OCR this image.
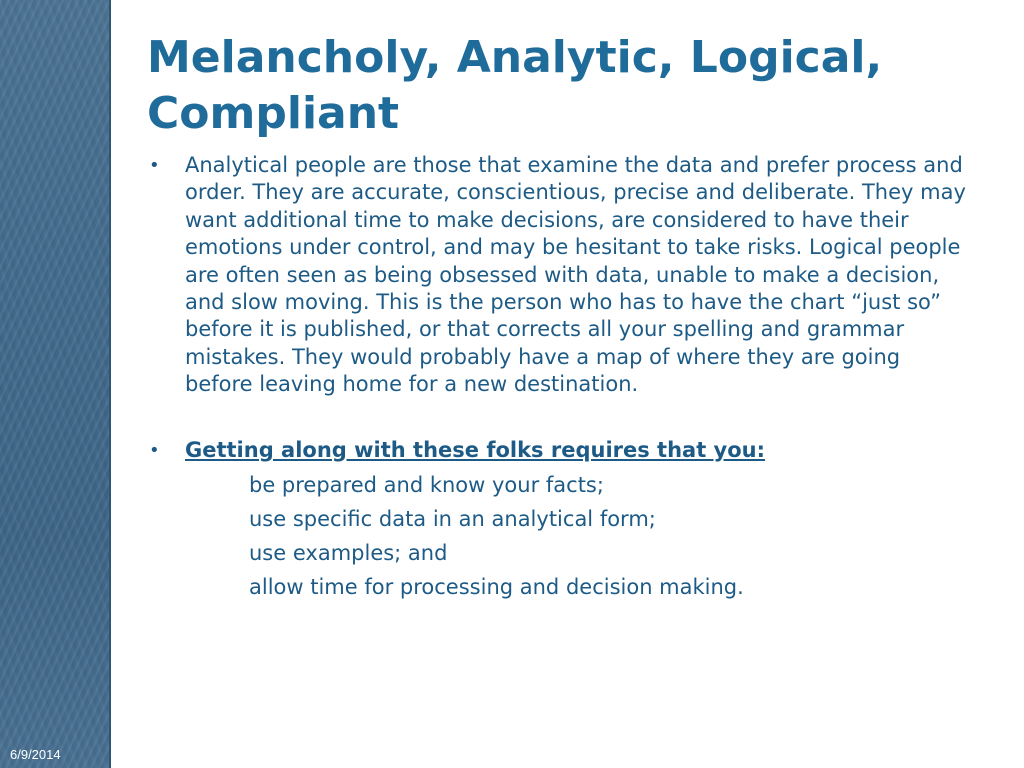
6/9/2014
Melancholy, Analytic, Logical, Compliant
•	Analytical people are those that examine the data and prefer process and order. They are accurate, conscientious, precise and deliberate. They may want additional time to make decisions, are considered to have their emotions under control, and may be hesitant to take risks. Logical people are often seen as being obsessed with data, unable to make a decision, and slow moving. This is the person who has to have the chart “just so” before it is published, or that corrects all your spelling and grammar mistakes. They would probably have a map of where they are going before leaving home for a new destination.
•	Getting along with these folks requires that you:
be prepared and know your facts;
use specific data in an analytical form;
use examples; and
allow time for processing and decision making.
